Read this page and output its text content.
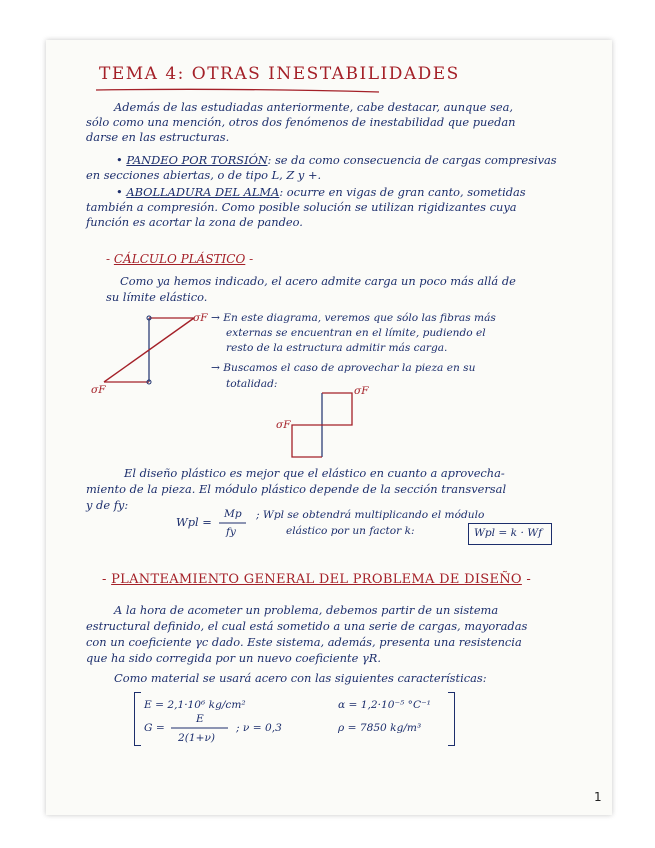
TEMA 4: OTRAS INESTABILIDADES
Además de las estudiadas anteriormente, cabe destacar, aunque sea,
sólo como una mención, otros dos fenómenos de inestabilidad que puedan
darse en las estructuras.
• PANDEO POR TORSIÓN: se da como consecuencia de cargas compresivas
en secciones abiertas, o de tipo L, Z y +.
• ABOLLADURA DEL ALMA: ocurre en vigas de gran canto, sometidas
también a compresión. Como posible solución se utilizan rigidizantes cuya
función es acortar la zona de pandeo.
- CÁLCULO PLÁSTICO -
Como ya hemos indicado, el acero admite carga un poco más allá de
su límite elástico.
σF
σF
→ En este diagrama, veremos que sólo las fibras más
externas se encuentran en el límite, pudiendo el
resto de la estructura admitir más carga.
→ Buscamos el caso de aprovechar la pieza en su
totalidad:
σF
σF
El diseño plástico es mejor que el elástico en cuanto a aprovecha-
miento de la pieza. El módulo plástico depende de la sección transversal
y de fy:
Wpl =
Mp
fy
; Wpl se obtendrá multiplicando el módulo
elástico por un factor k:	Wpl = k · Wf
- PLANTEAMIENTO GENERAL DEL PROBLEMA DE DISEÑO -
A la hora de acometer un problema, debemos partir de un sistema
estructural definido, el cual está sometido a una serie de cargas, mayoradas
con un coeficiente γc dado. Este sistema, además, presenta una resistencia
que ha sido corregida por un nuevo coeficiente γR.
Como material se usará acero con las siguientes características:
E = 2,1·10⁶ kg/cm²
G =
E
2(1+ν)
; ν = 0,3
α = 1,2·10⁻⁵ °C⁻¹
ρ = 7850 kg/m³
1
